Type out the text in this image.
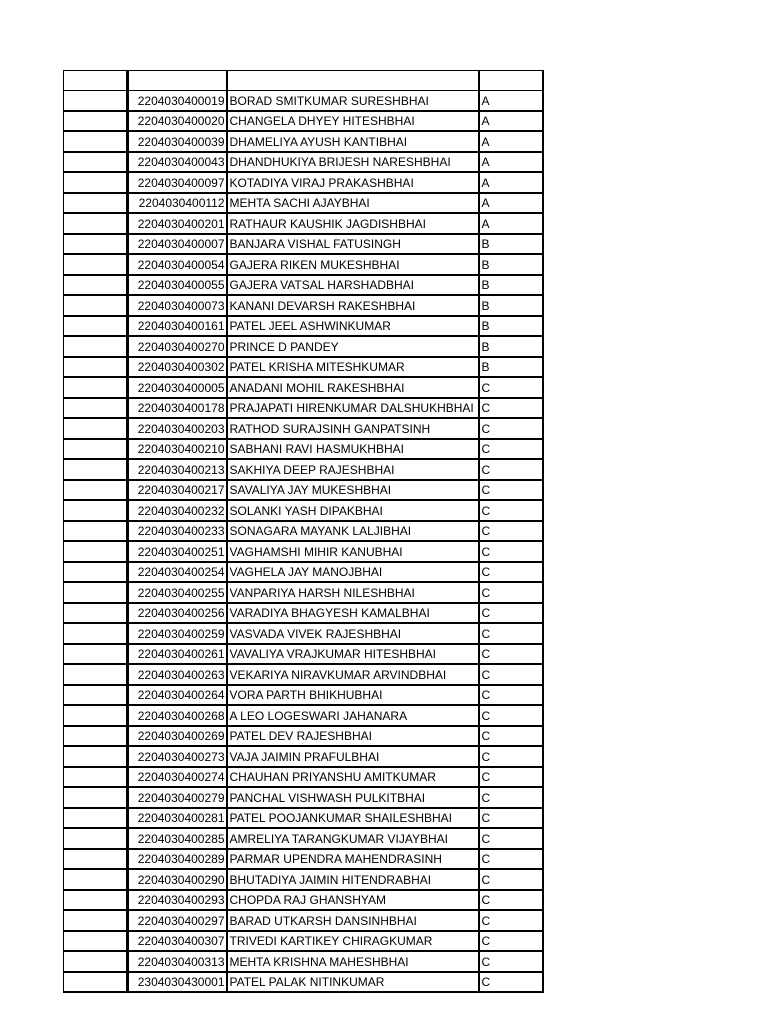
	2204030400019	BORAD SMITKUMAR SURESHBHAI	A
	2204030400020	CHANGELA DHYEY HITESHBHAI	A
	2204030400039	DHAMELIYA AYUSH KANTIBHAI	A
	2204030400043	DHANDHUKIYA BRIJESH NARESHBHAI	A
	2204030400097	KOTADIYA VIRAJ PRAKASHBHAI	A
	2204030400112	MEHTA SACHI AJAYBHAI	A
	2204030400201	RATHAUR KAUSHIK JAGDISHBHAI	A
	2204030400007	BANJARA VISHAL FATUSINGH	B
	2204030400054	GAJERA RIKEN MUKESHBHAI	B
	2204030400055	GAJERA VATSAL HARSHADBHAI	B
	2204030400073	KANANI DEVARSH RAKESHBHAI	B
	2204030400161	PATEL JEEL ASHWINKUMAR	B
	2204030400270	PRINCE D PANDEY	B
	2204030400302	PATEL KRISHA MITESHKUMAR	B
	2204030400005	ANADANI MOHIL RAKESHBHAI	C
	2204030400178	PRAJAPATI HIRENKUMAR DALSHUKHBHAI	C
	2204030400203	RATHOD SURAJSINH GANPATSINH	C
	2204030400210	SABHANI RAVI HASMUKHBHAI	C
	2204030400213	SAKHIYA DEEP RAJESHBHAI	C
	2204030400217	SAVALIYA JAY MUKESHBHAI	C
	2204030400232	SOLANKI YASH DIPAKBHAI	C
	2204030400233	SONAGARA MAYANK LALJIBHAI	C
	2204030400251	VAGHAMSHI MIHIR KANUBHAI	C
	2204030400254	VAGHELA JAY MANOJBHAI	C
	2204030400255	VANPARIYA HARSH NILESHBHAI	C
	2204030400256	VARADIYA BHAGYESH KAMALBHAI	C
	2204030400259	VASVADA VIVEK RAJESHBHAI	C
	2204030400261	VAVALIYA VRAJKUMAR HITESHBHAI	C
	2204030400263	VEKARIYA NIRAVKUMAR ARVINDBHAI	C
	2204030400264	VORA PARTH BHIKHUBHAI	C
	2204030400268	A LEO LOGESWARI JAHANARA	C
	2204030400269	PATEL DEV RAJESHBHAI	C
	2204030400273	VAJA JAIMIN PRAFULBHAI	C
	2204030400274	CHAUHAN PRIYANSHU AMITKUMAR	C
	2204030400279	PANCHAL VISHWASH PULKITBHAI	C
	2204030400281	PATEL POOJANKUMAR SHAILESHBHAI	C
	2204030400285	AMRELIYA TARANGKUMAR VIJAYBHAI	C
	2204030400289	PARMAR UPENDRA MAHENDRASINH	C
	2204030400290	BHUTADIYA JAIMIN HITENDRABHAI	C
	2204030400293	CHOPDA RAJ GHANSHYAM	C
	2204030400297	BARAD UTKARSH DANSINHBHAI	C
	2204030400307	TRIVEDI KARTIKEY CHIRAGKUMAR	C
	2204030400313	MEHTA KRISHNA MAHESHBHAI	C
	2304030430001	PATEL PALAK NITINKUMAR	C
